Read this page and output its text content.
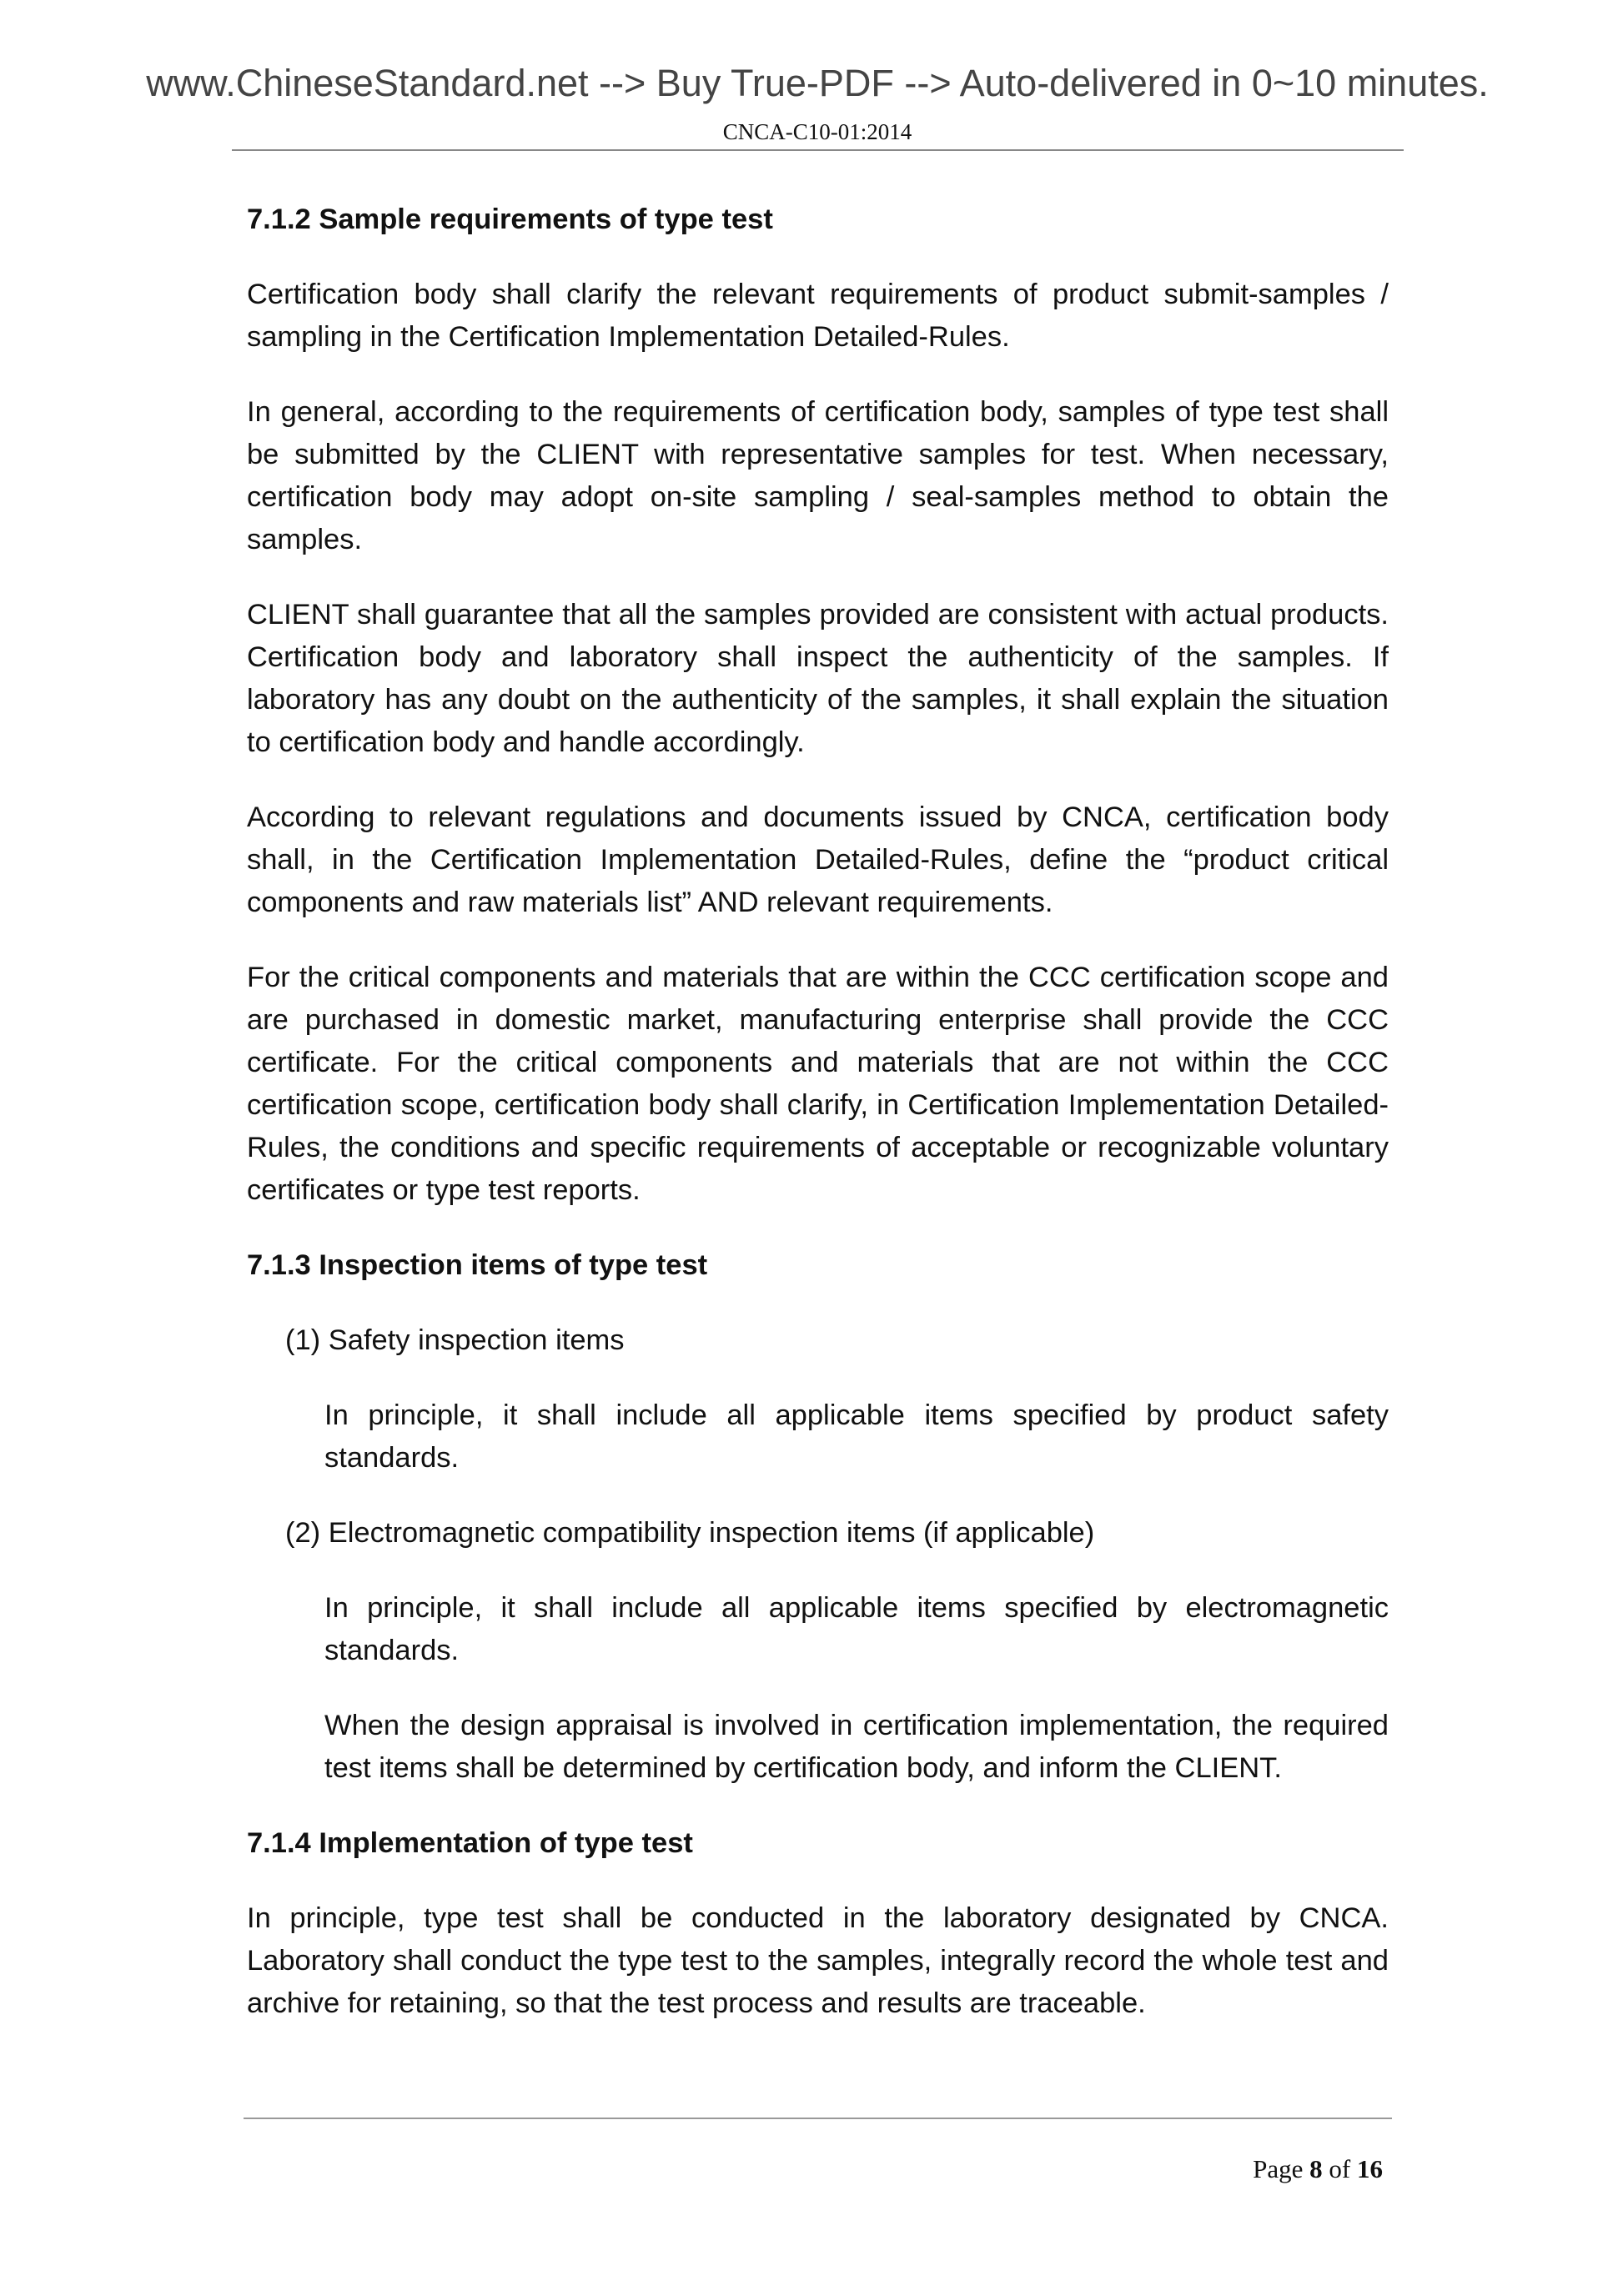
www.ChineseStandard.net --> Buy True-PDF --> Auto-delivered in 0~10 minutes.
CNCA-C10-01:2014
7.1.2 Sample requirements of type test

Certification body shall clarify the relevant requirements of product submit-samples / sampling in the Certification Implementation Detailed-Rules.

In general, according to the requirements of certification body, samples of type test shall be submitted by the CLIENT with representative samples for test. When necessary, certification body may adopt on-site sampling / seal-samples method to obtain the samples.

CLIENT shall guarantee that all the samples provided are consistent with actual products. Certification body and laboratory shall inspect the authenticity of the samples. If laboratory has any doubt on the authenticity of the samples, it shall explain the situation to certification body and handle accordingly.

According to relevant regulations and documents issued by CNCA, certification body shall, in the Certification Implementation Detailed-Rules, define the “product critical components and raw materials list” AND relevant requirements.

For the critical components and materials that are within the CCC certification scope and are purchased in domestic market, manufacturing enterprise shall provide the CCC certificate. For the critical components and materials that are not within the CCC certification scope, certification body shall clarify, in Certification Implementation Detailed-Rules, the conditions and specific requirements of acceptable or recognizable voluntary certificates or type test reports.

7.1.3 Inspection items of type test

(1) Safety inspection items

In principle, it shall include all applicable items specified by product safety standards.

(2) Electromagnetic compatibility inspection items (if applicable)

In principle, it shall include all applicable items specified by electromagnetic standards.

When the design appraisal is involved in certification implementation, the required test items shall be determined by certification body, and inform the CLIENT.

7.1.4 Implementation of type test

In principle, type test shall be conducted in the laboratory designated by CNCA. Laboratory shall conduct the type test to the samples, integrally record the whole test and archive for retaining, so that the test process and results are traceable.

Page 8 of 16
